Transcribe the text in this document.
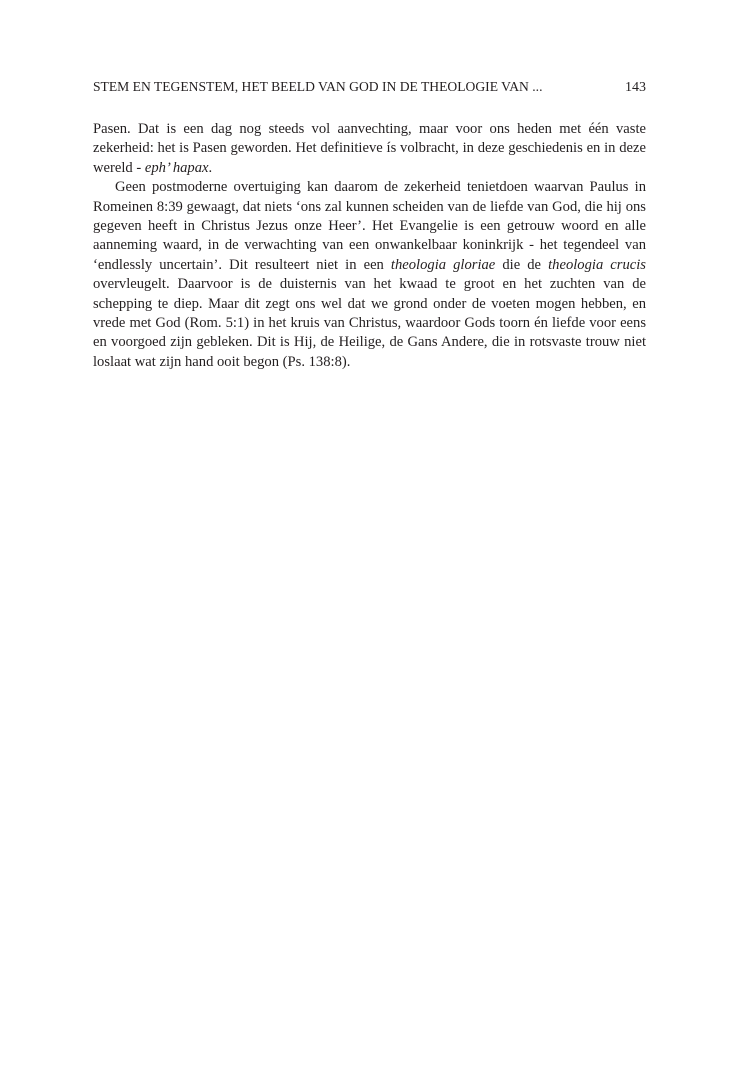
STEM EN TEGENSTEM, HET BEELD VAN GOD IN DE THEOLOGIE VAN ...	143

Pasen. Dat is een dag nog steeds vol aanvechting, maar voor ons heden met één vaste zekerheid: het is Pasen geworden. Het definitieve ís volbracht, in deze geschiedenis en in deze wereld - eph’ hapax.

Geen postmoderne overtuiging kan daarom de zekerheid tenietdoen waarvan Paulus in Romeinen 8:39 gewaagt, dat niets ‘ons zal kunnen scheiden van de liefde van God, die hij ons gegeven heeft in Christus Jezus onze Heer’. Het Evangelie is een getrouw woord en alle aanneming waard, in de verwachting van een onwankelbaar koninkrijk - het tegendeel van ‘endlessly uncertain’. Dit resulteert niet in een theologia gloriae die de theologia crucis overvleugelt. Daarvoor is de duisternis van het kwaad te groot en het zuchten van de schepping te diep. Maar dit zegt ons wel dat we grond onder de voeten mogen hebben, en vrede met God (Rom. 5:1) in het kruis van Christus, waardoor Gods toorn én liefde voor eens en voorgoed zijn gebleken. Dit is Hij, de Heilige, de Gans Andere, die in rotsvaste trouw niet loslaat wat zijn hand ooit begon (Ps. 138:8).
